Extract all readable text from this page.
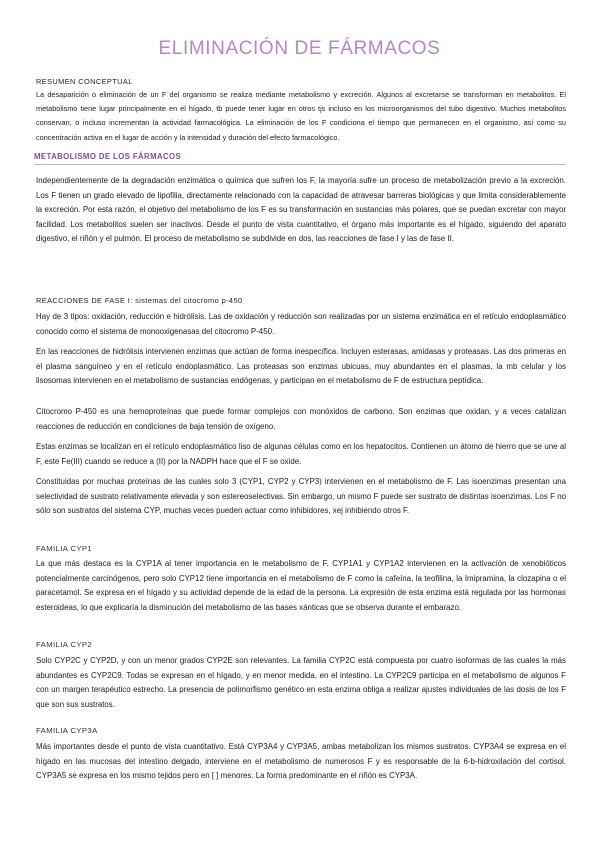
ELIMINACIÓN DE FÁRMACOS

RESUMEN CONCEPTUAL

La desaparición o eliminación de un F del organismo se realiza mediante metabolismo y excreción. Algunos al excretarse se transforman en metabolitos. El metabolismo tiene lugar principalmente en el hígado, tb puede tener lugar en otros tjs incluso en los microorganismos del tubo digestivo. Muchos metabolitos conservan, o incluso incrementan la actividad farmacológica. La eliminación de los F condiciona el tiempo que permanecen en el organismo, así como su concentración activa en el lugar de acción y la intensidad y duración del efecto farmacológico.

METABOLISMO DE LOS FÁRMACOS

Independientemente de la degradación enzimática o química que sufren los F, la mayoría sufre un proceso de metabolización previo a la excreción. Los F tienen un grado elevado de lipofilia, directamente relacionado con la capacidad de atravesar barreras biológicas y que limita considerablemente la excreción. Por esta razón, el objetivo del metabolismo de los F es su transformación en sustancias más polares, que se puedan excretar con mayor facilidad. Los metabolitos suelen ser inactivos. Desde el punto de vista cuantitativo, el órgano más importante es el hígado, siguiendo del aparato digestivo, el riñón y el pulmón. El proceso de metabolismo se subdivide en dos, las reacciones de fase I y las de fase II.

REACCIONES DE FASE I: sistemas del citocromo p-450

Hay de 3 tipos: oxidación, reducción e hidrólisis. Las de oxidación y reducción son realizadas por un sistema enzimática en el retículo endoplasmático conocido como el sistema de monooxigenasas del citocromo P-450.

En las reacciones de hidrólisis intervienen enzimas que actúan de forma inespecífica. Incluyen esterasas, amidasas y proteasas. Las dos primeras en el plasma sanguíneo y en el retículo endoplasmático. Las proteasas son enzimas ubicuas, muy abundantes en el plasmas, la mb celular y los lisosomas intervienen en el metabolismo de sustancias endógenas, y participan en el metabolismo de F de estructura peptídica.

Citocromo P-450 es una hemoproteínas que puede formar complejos con monóxidos de carbono. Son enzimas que oxidan, y a veces catalizan reacciones de reducción en condiciones de baja tensión de oxígeno.

Estas enzimas se localizan en el retículo endoplasmático liso de algunas células como en los hepatocitos. Contienen un átomo de hierro que se une al F, este Fe(III) cuando se reduce a (II) por la NADPH hace que el F se oxide.

Constituidas por muchas proteínas de las cuales solo 3 (CYP1, CYP2 y CYP3) intervienen en el metabolismo de F. Las isoenzimas presentan una selectividad de sustrato relativamente elevada y son estereoselectivas. Sin embargo, un mismo F puede ser sustrato de distintas isoenzimas. Los F no sólo son sustratos del sistema CYP, muchas veces pueden actuar como inhibidores, xej inhibiendo otros F.

FAMILIA CYP1

La que más destaca es la CYP1A al tener importancia en le metabolismo de F. CYP1A1 y CYP1A2 intervienen en la activación de xenobióticos potencialmente carcinógenos, pero solo CYP12 tiene importancia en el metabolismo de F como la cafeína, la teofilina, la Imipramina, la clozapina o el paracetamol. Se expresa en el hígado y su actividad depende de la edad de la persona. La expresión de esta enzima está regulada por las hormonas esteroideas, lo que explicaría la disminución del metabolismo de las bases xánticas que se observa durante el embarazo.

FAMILIA CYP2

Solo CYP2C y CYP2D, y con un menor grados CYP2E son relevantes. La familia CYP2C está compuesta por cuatro isoformas de las cuales la más abundantes es CYP2C9. Todas se expresan en el hígado, y en menor medida, en el intestino. La CYP2C9 participa en el metabolismo de algunos F con un margen terapéutico estrecho. La presencia de polimorfismo genético en esta enzima obliga a realizar ajustes individuales de las dosis de los F que son sus sustratos.

FAMILIA CYP3A

Más importantes desde el punto de vista cuantitativo. Está CYP3A4 y CYP3A5, ambas metabolizan los mismos sustratos. CYP3A4 se expresa en el hígado en las mucosas del intestino delgado, interviene en el metabolismo de numerosos F y es responsable de la 6-b-hidroxilación del cortisol. CYP3A5 se expresa en los mismo tejidos pero en [ ] menores. La forma predominante en el riñón es CYP3A.
